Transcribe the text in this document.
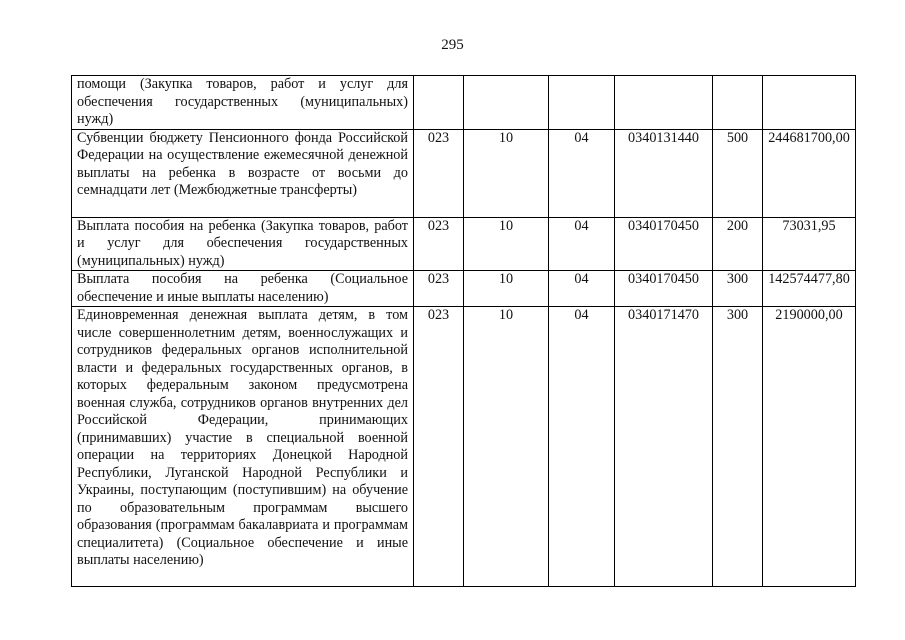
295
помощи (Закупка товаров, работ и услуг для обеспечения государственных (муниципальных) нужд)						
Субвенции бюджету Пенсионного фонда Российской Федерации на осуществление ежемесячной денежной выплаты на ребенка в возрасте от восьми до семнадцати лет (Межбюджетные трансферты)	023	10	04	0340131440	500	244681700,00
Выплата пособия на ребенка (Закупка товаров, работ и услуг для обеспечения государственных (муниципальных) нужд)	023	10	04	0340170450	200	73031,95
Выплата пособия на ребенка (Социальное обеспечение и иные выплаты населению)	023	10	04	0340170450	300	142574477,80
Единовременная денежная выплата детям, в том числе совершеннолетним детям, военнослужащих и сотрудников федеральных органов исполнительной власти и федеральных государственных органов, в которых федеральным законом предусмотрена военная служба, сотрудников органов внутренних дел Российской Федерации, принимающих (принимавших) участие в специальной военной операции на территориях Донецкой Народной Республики, Луганской Народной Республики и Украины, поступающим (поступившим) на обучение по образовательным программам высшего образования (программам бакалавриата и программам специалитета) (Социальное обеспечение и иные выплаты населению)	023	10	04	0340171470	300	2190000,00
